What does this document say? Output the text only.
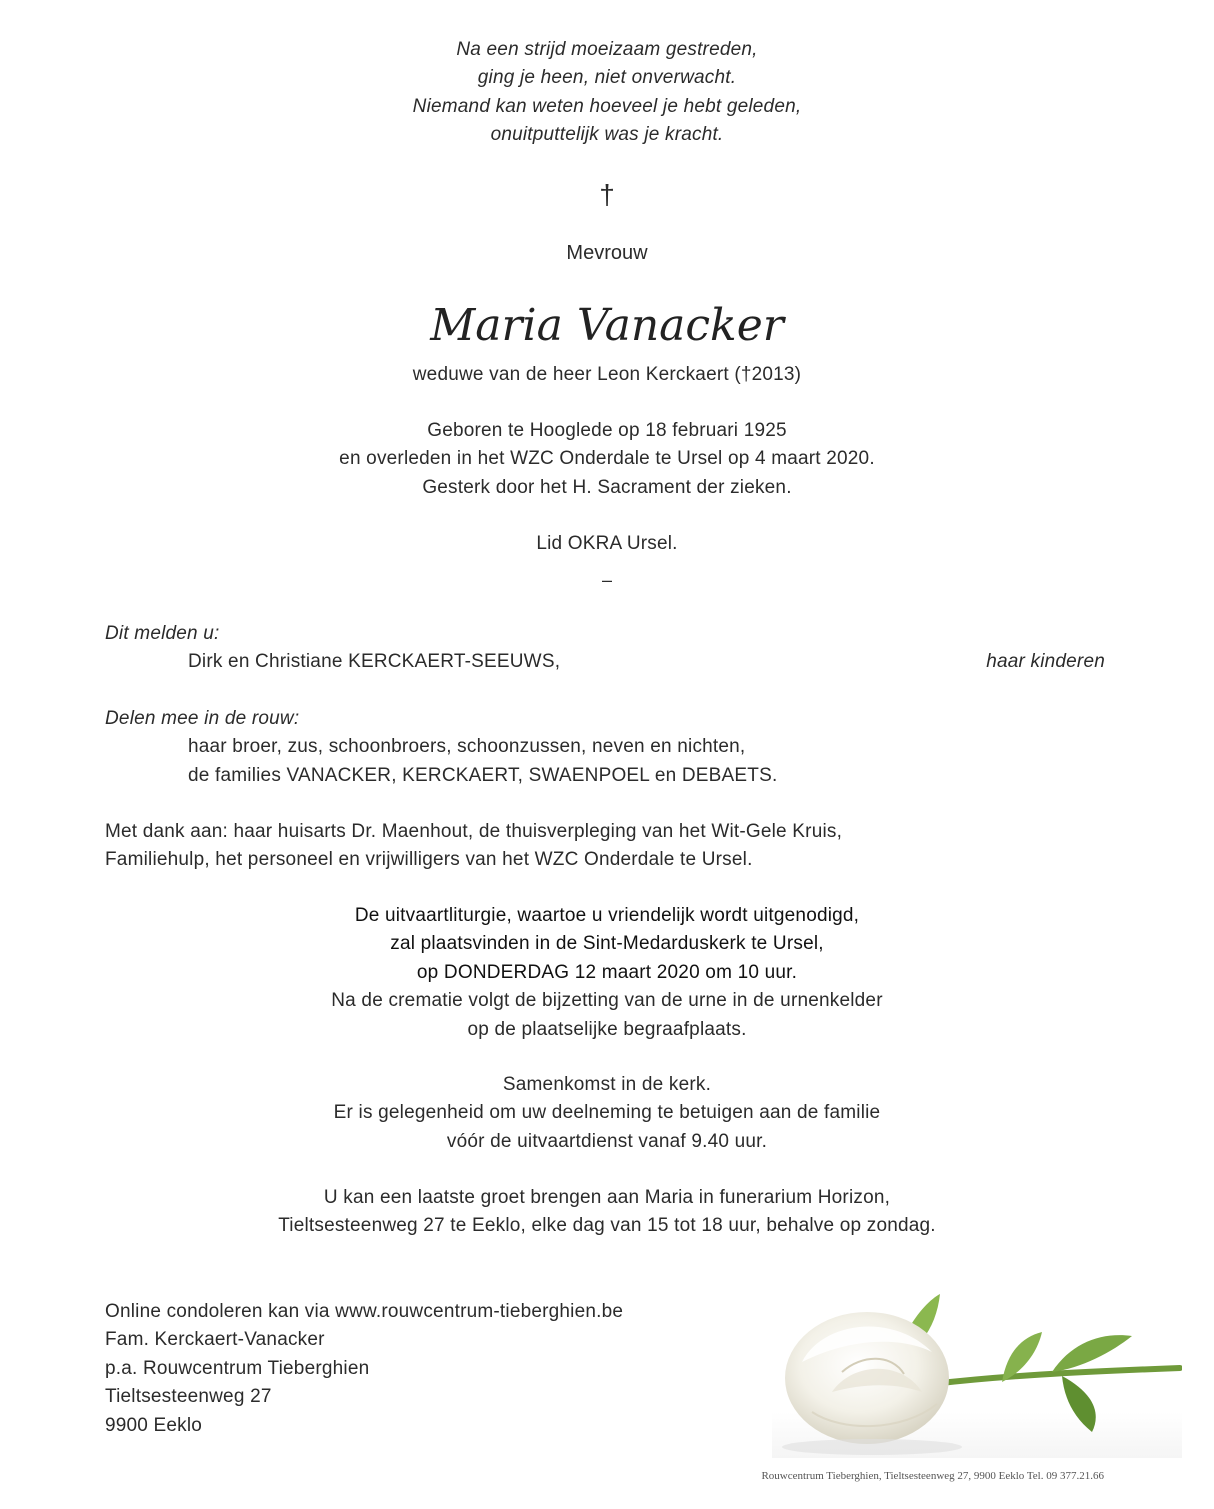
Na een strijd moeizaam gestreden,
ging je heen, niet onverwacht.
Niemand kan weten hoeveel je hebt geleden,
onuitputtelijk was je kracht.
†
Mevrouw
Maria Vanacker
weduwe van de heer Leon Kerckaert (†2013)
Geboren te Hooglede op 18 februari 1925
en overleden in het WZC Onderdale te Ursel op 4 maart 2020.
Gesterk door het H. Sacrament der zieken.
Lid OKRA Ursel.
–
Dit melden u:
Dirk en Christiane KERCKAERT-SEEUWS,	haar kinderen
Delen mee in de rouw:
haar broer, zus, schoonbroers, schoonzussen, neven en nichten,
de families VANACKER, KERCKAERT, SWAENPOEL en DEBAETS.
Met dank aan: haar huisarts Dr. Maenhout, de thuisverpleging van het Wit-Gele Kruis,
Familiehulp, het personeel en vrijwilligers van het WZC Onderdale te Ursel.
De uitvaartliturgie, waartoe u vriendelijk wordt uitgenodigd,
zal plaatsvinden in de Sint-Medarduskerk te Ursel,
op DONDERDAG 12 maart 2020 om 10 uur.
Na de crematie volgt de bijzetting van de urne in de urnenkelder
op de plaatselijke begraafplaats.
Samenkomst in de kerk.
Er is gelegenheid om uw deelneming te betuigen aan de familie
vóór de uitvaartdienst vanaf 9.40 uur.
U kan een laatste groet brengen aan Maria in funerarium Horizon,
Tieltsesteenweg 27 te Eeklo, elke dag van 15 tot 18 uur, behalve op zondag.
Online condoleren kan via www.rouwcentrum-tieberghien.be
Fam. Kerckaert-Vanacker
p.a. Rouwcentrum Tieberghien
Tieltsesteenweg 27
9900 Eeklo
Rouwcentrum Tieberghien, Tieltsesteenweg 27, 9900 Eeklo Tel. 09 377.21.66
